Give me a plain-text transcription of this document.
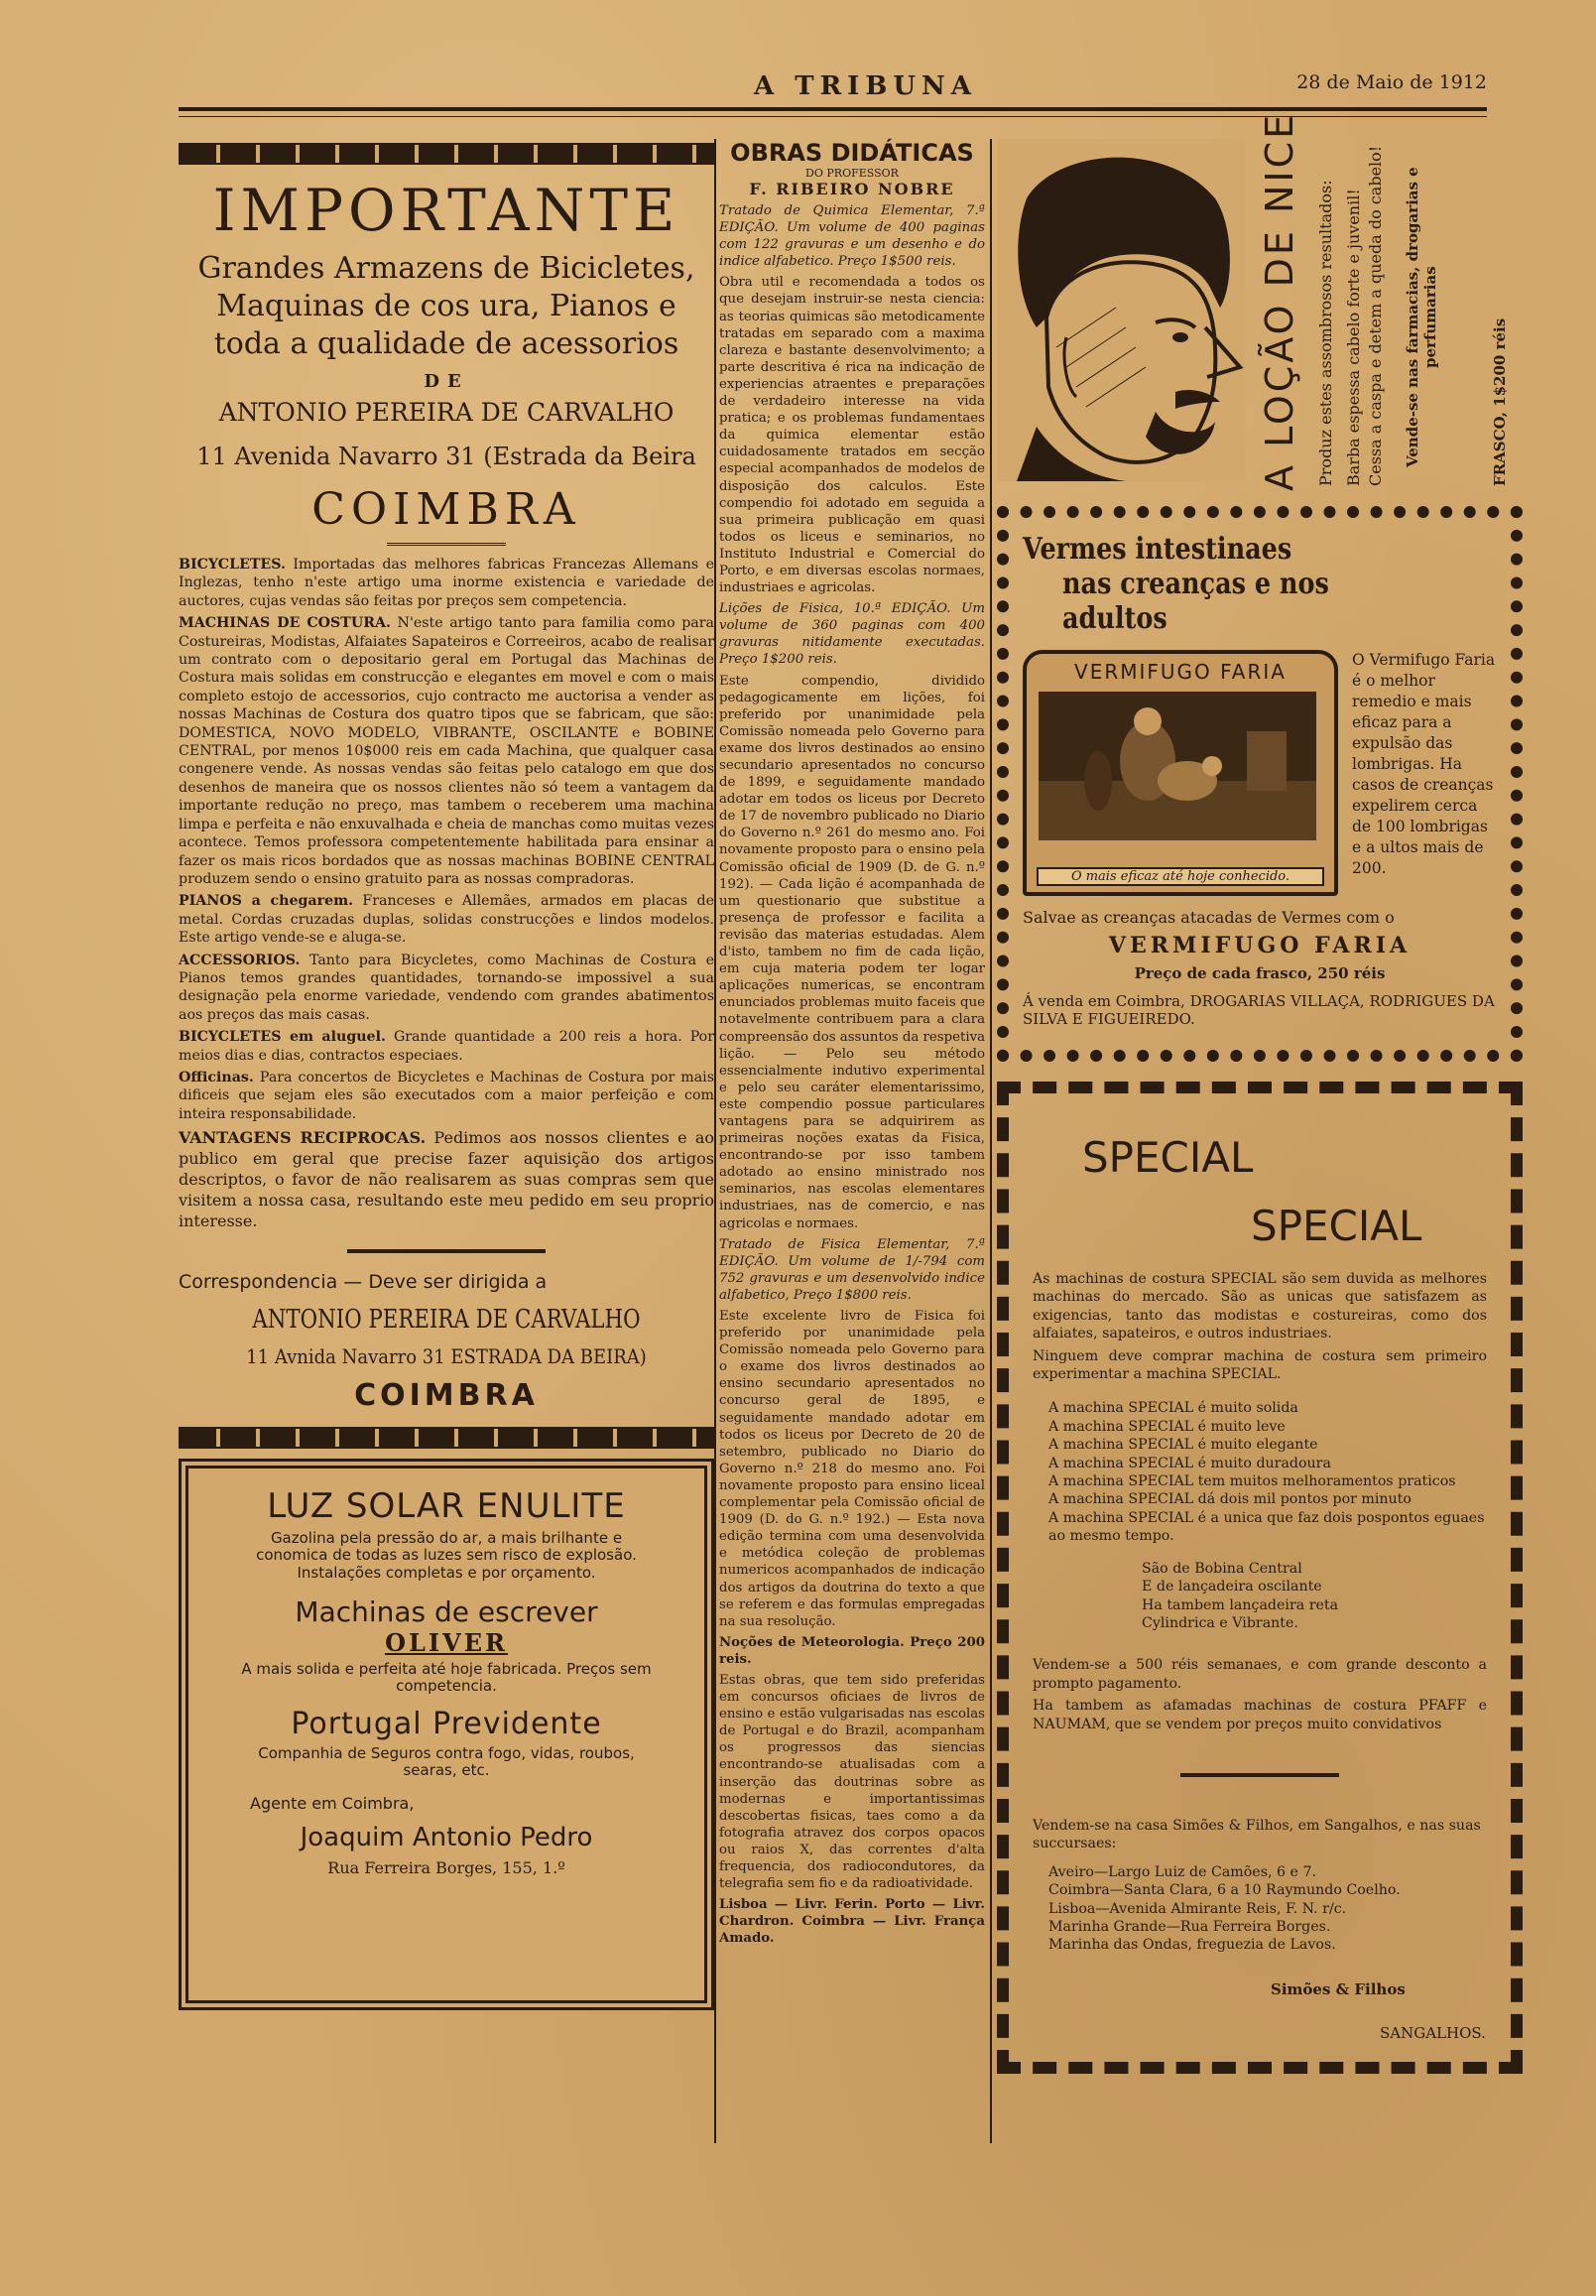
A TRIBUNA	28 de Maio de 1912
IMPORTANTE
Grandes Armazens de Bicicletes, Maquinas de cos ura, Pianos e toda a qualidade de acessorios
DE
ANTONIO PEREIRA DE CARVALHO
11 Avenida Navarro 31 (Estrada da Beira
COIMBRA

BICYCLETES. Importadas das melhores fabricas Francezas Allemans e Inglezas, tenho n'este artigo uma inorme existencia e variedade de auctores, cujas vendas são feitas por preços sem competencia.

MACHINAS DE COSTURA. N'este artigo tanto para familia como para Costureiras, Modistas, Alfaiates Sapateiros e Correeiros, acabo de realisar um contrato com o depositario geral em Portugal das Machinas de Costura mais solidas em construcção e elegantes em movel e com o mais completo estojo de accessorios, cujo contracto me auctorisa a vender as nossas Machinas de Costura dos quatro tipos que se fabricam, que são: DOMESTICA, NOVO MODELO, VIBRANTE, OSCILANTE e BOBINE CENTRAL, por menos 10$000 reis em cada Machina, que qualquer casa congenere vende. As nossas vendas são feitas pelo catalogo em que dos desenhos de maneira que os nossos clientes não só teem a vantagem da importante redução no preço, mas tambem o receberem uma machina limpa e perfeita e não enxuvalhada e cheia de manchas como muitas vezes acontece. Temos professora competentemente habilitada para ensinar a fazer os mais ricos bordados que as nossas machinas BOBINE CENTRAL produzem sendo o ensino gratuito para as nossas compradoras.

PIANOS a chegarem. Franceses e Allemães, armados em placas de metal. Cordas cruzadas duplas, solidas construcções e lindos modelos. Este artigo vende-se e aluga-se.

ACCESSORIOS. Tanto para Bicycletes, como Machinas de Costura e Pianos temos grandes quantidades, tornando-se impossivel a sua designação pela enorme variedade, vendendo com grandes abatimentos aos preços das mais casas.

BICYCLETES em aluguel. Grande quantidade a 200 reis a hora. Por meios dias e dias, contractos especiaes.

Officinas. Para concertos de Bicycletes e Machinas de Costura por mais dificeis que sejam eles são executados com a maior perfeição e com inteira responsabilidade.

VANTAGENS RECIPROCAS. Pedimos aos nossos clientes e ao publico em geral que precise fazer aquisição dos artigos descriptos, o favor de não realisarem as suas compras sem que visitem a nossa casa, resultando este meu pedido em seu proprio interesse.

Correspondencia — Deve ser dirigida a
ANTONIO PEREIRA DE CARVALHO
11 Avnida Navarro 31 ESTRADA DA BEIRA)
COIMBRA
LUZ SOLAR ENULITE
Gazolina pela pressão do ar, a mais brilhante e conomica de todas as luzes sem risco de explosão. Instalações completas e por orçamento.
Machinas de escrever
OLIVER
A mais solida e perfeita até hoje fabricada. Preços sem competencia.
Portugal Previdente
Companhia de Seguros contra fogo, vidas, roubos, searas, etc.
Agente em Coimbra,
Joaquim Antonio Pedro
Rua Ferreira Borges, 155, 1.º
OBRAS DIDÁTICAS
DO PROFESSOR
F. RIBEIRO NOBRE

Tratado de Quimica Elementar, 7.ª EDIÇÃO. Um volume de 400 paginas com 122 gravuras e um desenho e do indice alfabetico. Preço 1$500 reis.

Obra util e recomendada a todos os que desejam instruir-se nesta ciencia: as teorias quimicas são metodicamente tratadas em separado com a maxima clareza e bastante desenvolvimento; a parte descritiva é rica na indicação de experiencias atraentes e preparações de verdadeiro interesse na vida pratica; e os problemas fundamentaes da quimica elementar estão cuidadosamente tratados em secção especial acompanhados de modelos de disposição dos calculos. Este compendio foi adotado em seguida a sua primeira publicação em quasi todos os liceus e seminarios, no Instituto Industrial e Comercial do Porto, e em diversas escolas normaes, industriaes e agricolas.

Lições de Fisica, 10.ª EDIÇÃO. Um volume de 360 paginas com 400 gravuras nitidamente executadas. Preço 1$200 reis.

Este compendio, dividido pedagogicamente em lições, foi preferido por unanimidade pela Comissão nomeada pelo Governo para exame dos livros destinados ao ensino secundario apresentados no concurso de 1899, e seguidamente mandado adotar em todos os liceus por Decreto de 17 de novembro publicado no Diario do Governo n.º 261 do mesmo ano. Foi novamente proposto para o ensino pela Comissão oficial de 1909 (D. de G. n.º 192). — Cada lição é acompanhada de um questionario que substitue a presença de professor e facilita a revisão das materias estudadas. Alem d'isto, tambem no fim de cada lição, em cuja materia podem ter logar aplicações numericas, se encontram enunciados problemas muito faceis que notavelmente contribuem para a clara compreensão dos assuntos da respetiva lição. — Pelo seu método essencialmente indutivo experimental e pelo seu caráter elementarissimo, este compendio possue particulares vantagens para se adquirirem as primeiras noções exatas da Fisica, encontrando-se por isso tambem adotado ao ensino ministrado nos seminarios, nas escolas elementares industriaes, nas de comercio, e nas agricolas e normaes.

Tratado de Fisica Elementar, 7.ª EDIÇÃO. Um volume de 1/-794 com 752 gravuras e um desenvolvido indice alfabetico, Preço 1$800 reis.

Este excelente livro de Fisica foi preferido por unanimidade pela Comissão nomeada pelo Governo para o exame dos livros destinados ao ensino secundario apresentados no concurso geral de 1895, e seguidamente mandado adotar em todos os liceus por Decreto de 20 de setembro, publicado no Diario do Governo n.º 218 do mesmo ano. Foi novamente proposto para ensino liceal complementar pela Comissão oficial de 1909 (D. do G. n.º 192.) — Esta nova edição termina com uma desenvolvida e metódica coleção de problemas numericos acompanhados de indicação dos artigos da doutrina do texto a que se referem e das formulas empregadas na sua resolução.

Noções de Meteorologia. Preço 200 reis.

Estas obras, que tem sido preferidas em concursos oficiaes de livros de ensino e estão vulgarisadas nas escolas de Portugal e do Brazil, acompanham os progressos das siencias encontrando-se atualisadas com a inserção das doutrinas sobre as modernas e importantissimas descobertas fisicas, taes como a da fotografia atravez dos corpos opacos ou raios X, das correntes d'alta frequencia, dos radiocondutores, da telegrafia sem fio e da radioatividade.

Lisboa — Livr. Ferin. Porto — Livr. Chardron. Coimbra — Livr. França Amado.

A LOÇÃO DE NICE Produz estes assombrosos resultados: Barba espessa cabelo forte e juvenil! Cessa a caspa e detem a queda do cabelo! Vende-se nas farmacias, drogarias e perfumarias
FRASCO, 1$200 réis
Vermes intestinaes
nas creanças e nos adultos
VERMIFUGO FARIA
O mais eficaz até hoje conhecido.
O Vermifugo Faria é o melhor remedio e mais eficaz para a expulsão das lombrigas. Ha casos de creanças expelirem cerca de 100 lombrigas e a ultos mais de 200.
Salvae as creanças atacadas de Vermes com o
VERMIFUGO FARIA
Preço de cada frasco, 250 réis
Á venda em Coimbra, DROGARIAS VILLAÇA, RODRIGUES DA SILVA E FIGUEIREDO.
SPECIAL
SPECIAL

As machinas de costura SPECIAL são sem duvida as melhores machinas do mercado. São as unicas que satisfazem as exigencias, tanto das modistas e costureiras, como dos alfaiates, sapateiros, e outros industriaes.

Ninguem deve comprar machina de costura sem primeiro experimentar a machina SPECIAL.

A machina SPECIAL é muito solida
A machina SPECIAL é muito leve
A machina SPECIAL é muito elegante
A machina SPECIAL é muito duradoura
A machina SPECIAL tem muitos melhoramentos praticos
A machina SPECIAL dá dois mil pontos por minuto
A machina SPECIAL é a unica que faz dois pospontos eguaes ao mesmo tempo.
São de Bobina Central
E de lançadeira oscilante
Ha tambem lançadeira reta
Cylindrica e Vibrante.

Vendem-se a 500 réis semanaes, e com grande desconto a prompto pagamento.

Ha tambem as afamadas machinas de costura PFAFF e NAUMAM, que se vendem por preços muito convidativos

Vendem-se na casa Simões & Filhos, em Sangalhos, e nas suas succursaes:
Aveiro—Largo Luiz de Camões, 6 e 7.
Coimbra—Santa Clara, 6 a 10 Raymundo Coelho.
Lisboa—Avenida Almirante Reis, F. N. r/c.
Marinha Grande—Rua Ferreira Borges.
Marinha das Ondas, freguezia de Lavos.
Simões & Filhos
SANGALHOS.
